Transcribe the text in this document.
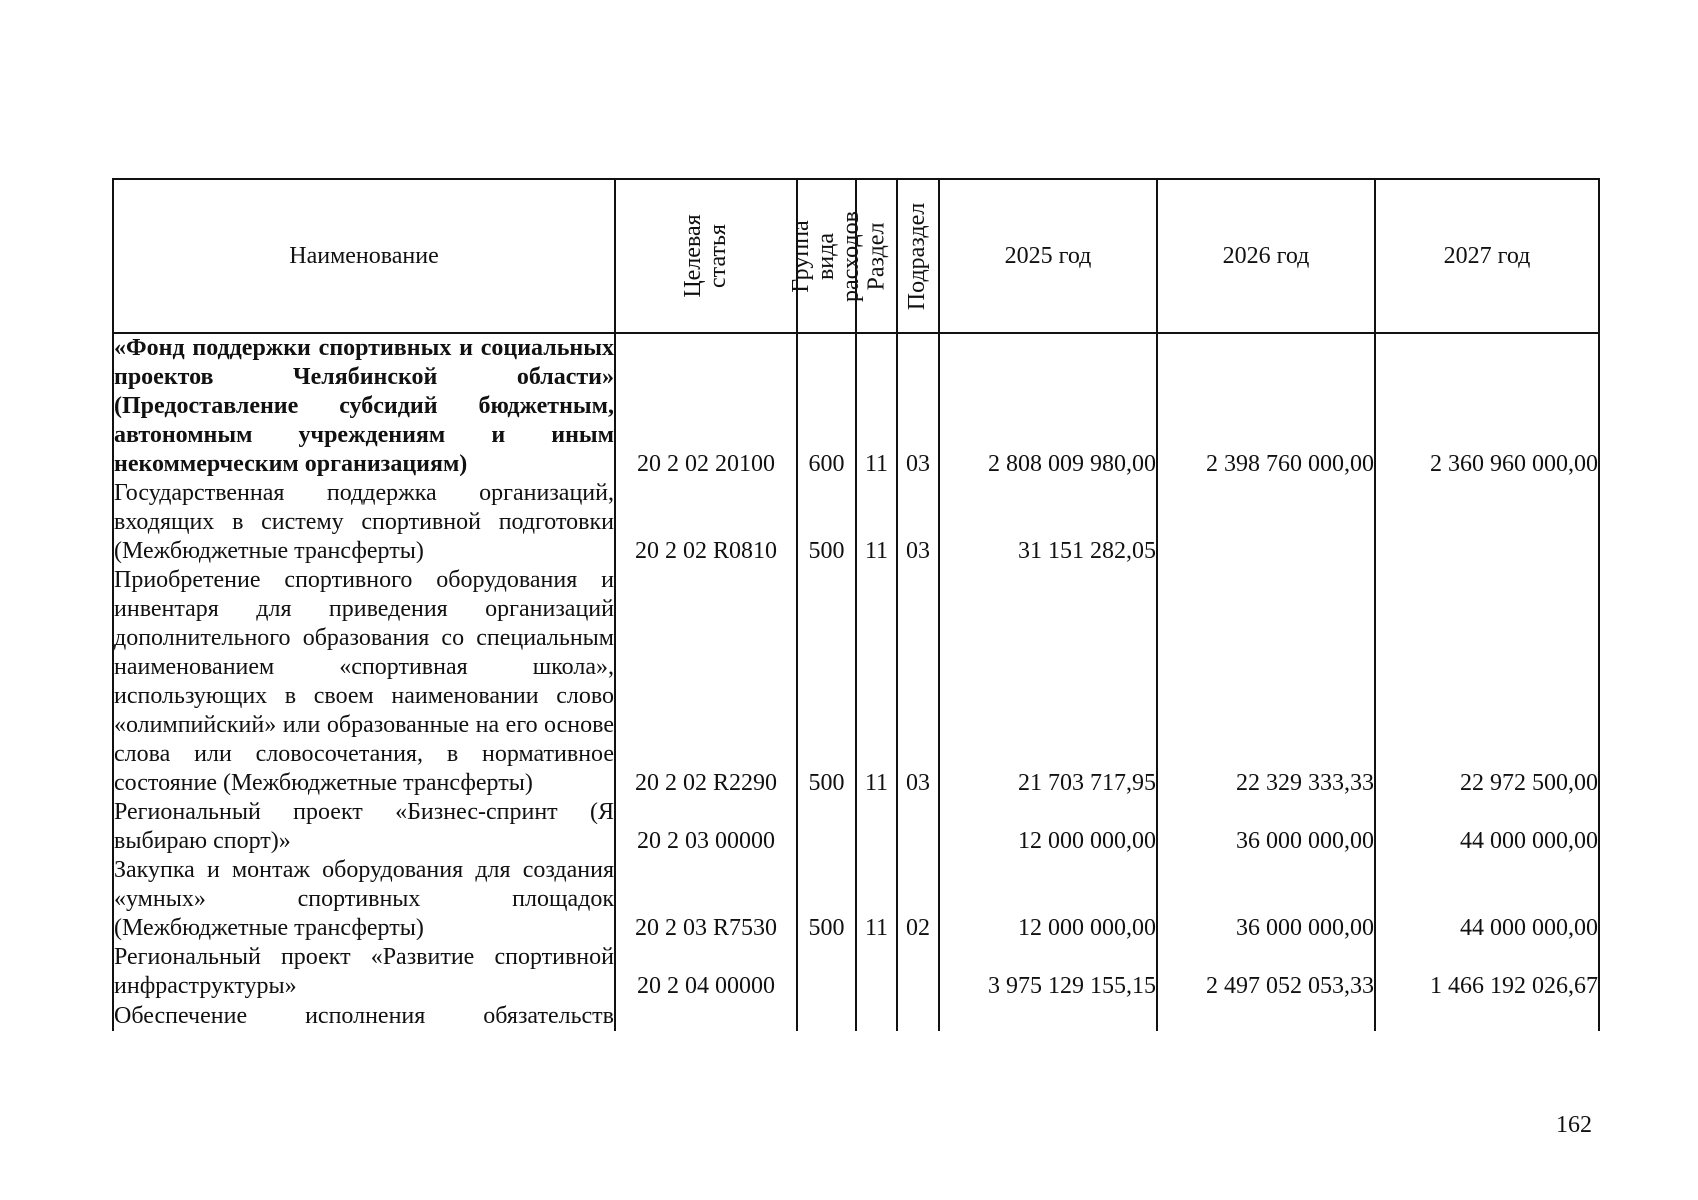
Наименование	Целевая статья	Группа вида расходов	Раздел	Подраздел	2025 год	2026 год	2027 год
«Фонд поддержки спортивных и социальных проектов Челябинской области» (Предоставление субсидий бюджетным, автономным учреждениям и иным некоммерческим организациям)	20 2 02 20100	600	11	03	2 808 009 980,00	2 398 760 000,00	2 360 960 000,00
Государственная поддержка организаций, входящих в систему спортивной подготовки (Межбюджетные трансферты)	20 2 02 R0810	500	11	03	31 151 282,05		
Приобретение спортивного оборудования и инвентаря для приведения организаций дополнительного образования со специальным наименованием «спортивная школа», использующих в своем наименовании слово «олимпийский» или образованные на его основе слова или словосочетания, в нормативное состояние (Межбюджетные трансферты)	20 2 02 R2290	500	11	03	21 703 717,95	22 329 333,33	22 972 500,00
Региональный проект «Бизнес-спринт (Я выбираю спорт)»	20 2 03 00000				12 000 000,00	36 000 000,00	44 000 000,00
Закупка и монтаж оборудования для создания «умных» спортивных площадок (Межбюджетные трансферты)	20 2 03 R7530	500	11	02	12 000 000,00	36 000 000,00	44 000 000,00
Региональный проект «Развитие спортивной инфраструктуры»	20 2 04 00000				3 975 129 155,15	2 497 052 053,33	1 466 192 026,67
Обеспечение исполнения обязательств							
162
